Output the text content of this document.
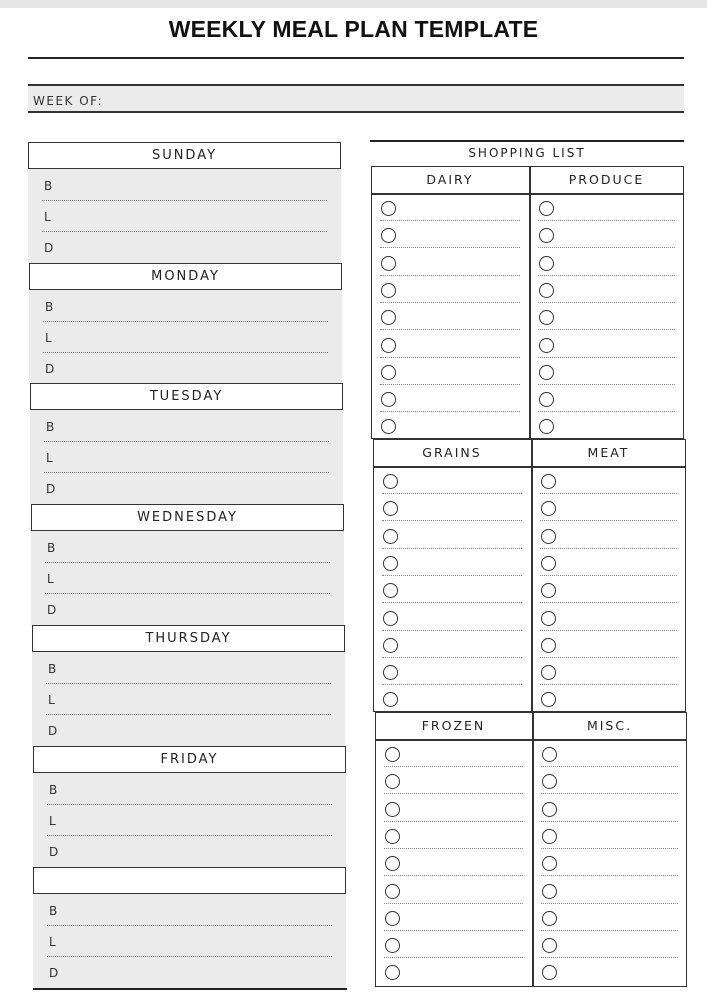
WEEKLY MEAL PLAN TEMPLATE
WEEK OF:
SUNDAY
B
L
D
MONDAY
B
L
D
TUESDAY
B
L
D
WEDNESDAY
B
L
D
THURSDAY
B
L
D
FRIDAY
B
L
D
B
L
D
SHOPPING LIST
DAIRY	PRODUCE
GRAINS	MEAT
FROZEN	MISC.
